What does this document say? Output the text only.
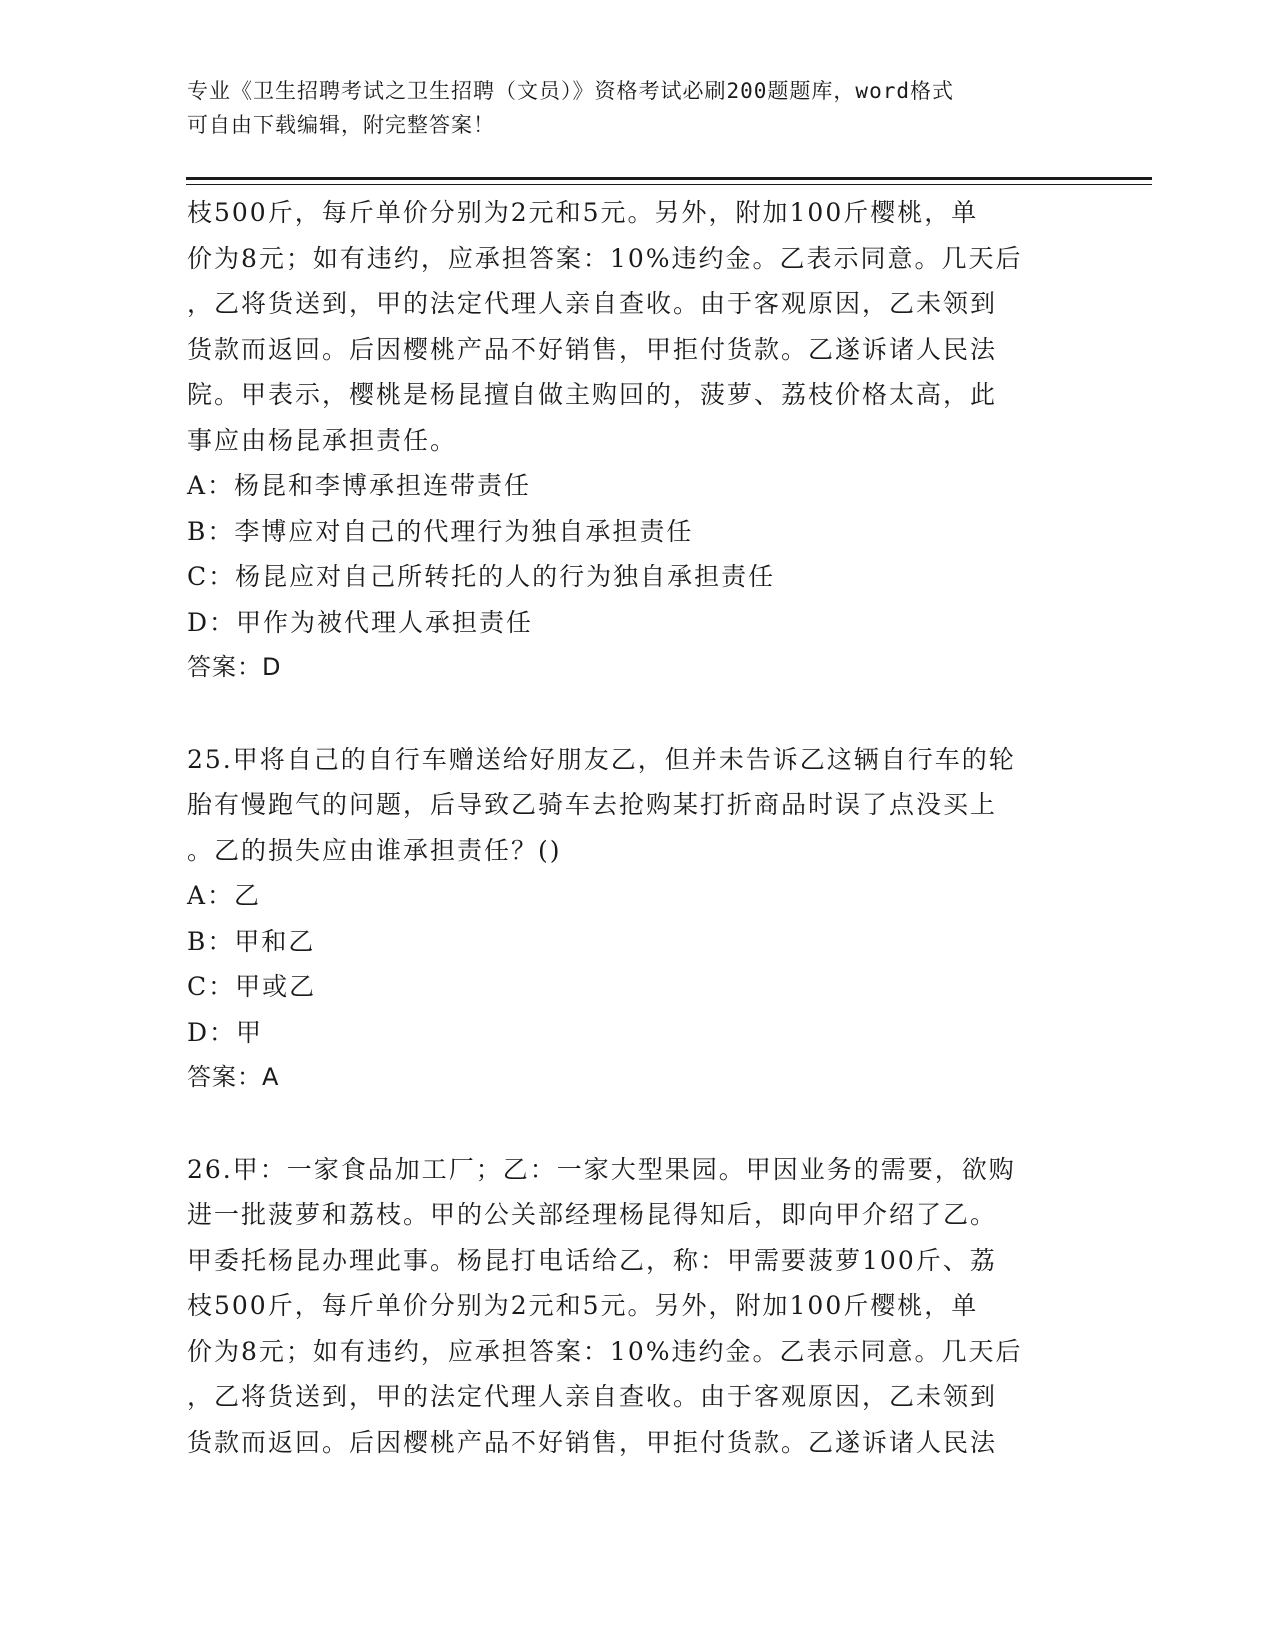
专业《卫生招聘考试之卫生招聘（文员）》资格考试必刷200题题库，word格式
可自由下载编辑，附完整答案！
枝500斤，每斤单价分别为2元和5元。另外，附加100斤樱桃，单
价为8元；如有违约，应承担答案：10%违约金。乙表示同意。几天后
，乙将货送到，甲的法定代理人亲自查收。由于客观原因，乙未领到
货款而返回。后因樱桃产品不好销售，甲拒付货款。乙遂诉诸人民法
院。甲表示，樱桃是杨昆擅自做主购回的，菠萝、荔枝价格太高，此
事应由杨昆承担责任。
A：杨昆和李博承担连带责任
B：李博应对自己的代理行为独自承担责任
C：杨昆应对自己所转托的人的行为独自承担责任
D：甲作为被代理人承担责任
答案：D
25.甲将自己的自行车赠送给好朋友乙，但并未告诉乙这辆自行车的轮
胎有慢跑气的问题，后导致乙骑车去抢购某打折商品时误了点没买上
。乙的损失应由谁承担责任？()
A：乙
B：甲和乙
C：甲或乙
D：甲
答案：A
26.甲：一家食品加工厂；乙：一家大型果园。甲因业务的需要，欲购
进一批菠萝和荔枝。甲的公关部经理杨昆得知后，即向甲介绍了乙。
甲委托杨昆办理此事。杨昆打电话给乙，称：甲需要菠萝100斤、荔
枝500斤，每斤单价分别为2元和5元。另外，附加100斤樱桃，单
价为8元；如有违约，应承担答案：10%违约金。乙表示同意。几天后
，乙将货送到，甲的法定代理人亲自查收。由于客观原因，乙未领到
货款而返回。后因樱桃产品不好销售，甲拒付货款。乙遂诉诸人民法
